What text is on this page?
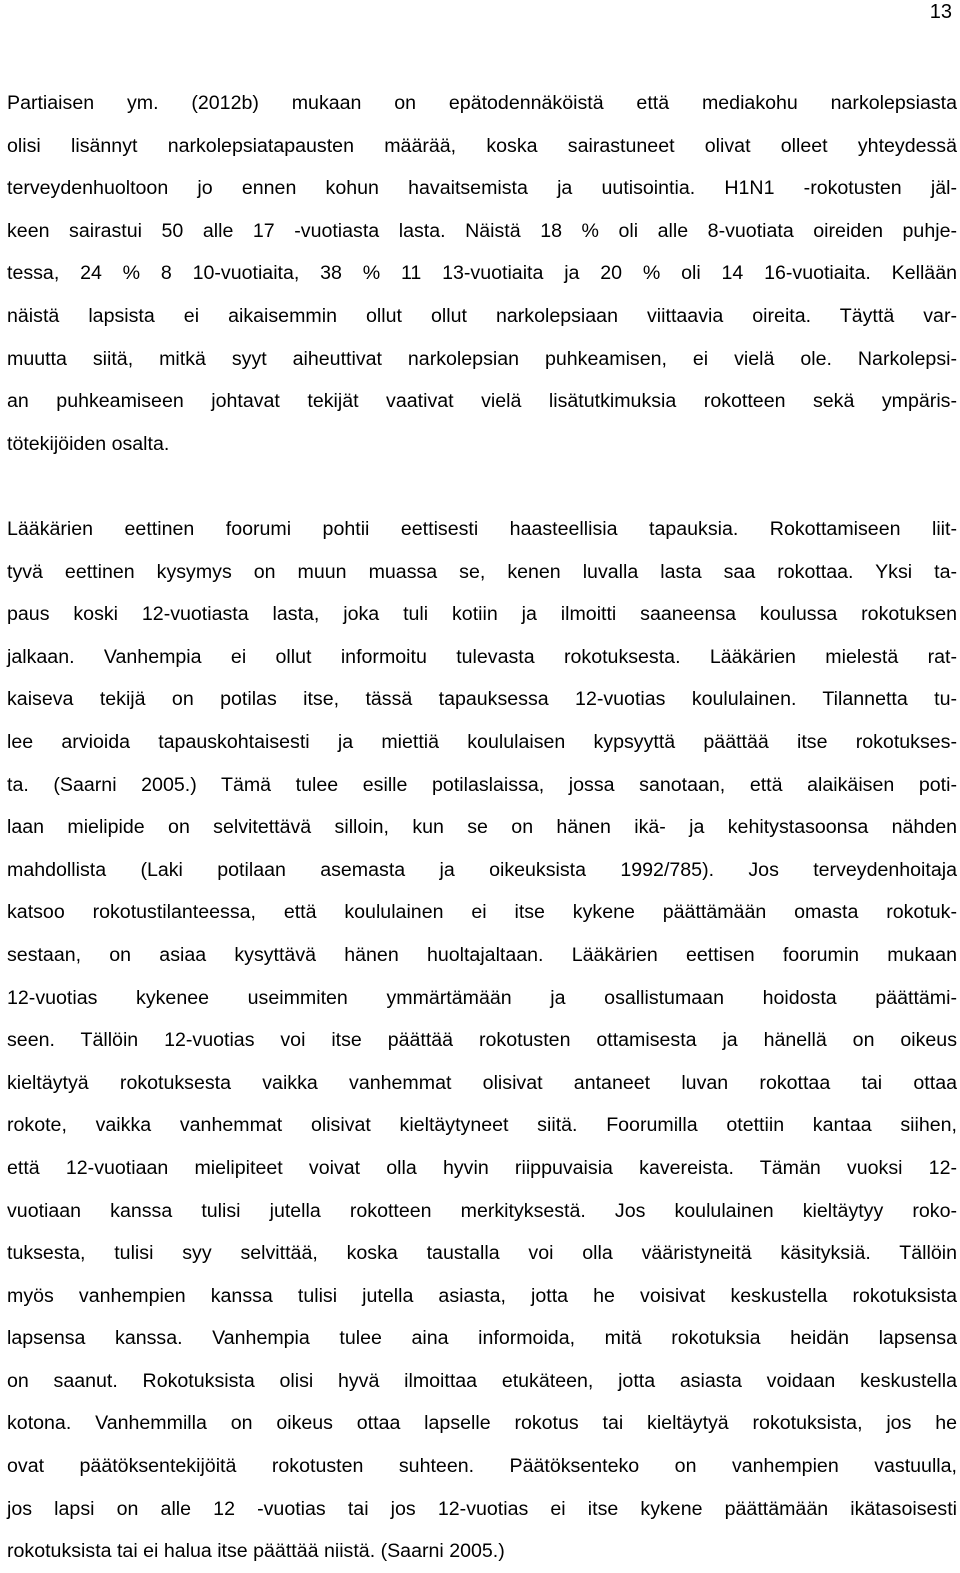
13
Partiaisen ym. (2012b) mukaan on epätodennäköistä että mediakohu narkolepsiasta
olisi lisännyt narkolepsiatapausten määrää, koska sairastuneet olivat olleet yhteydessä
terveydenhuoltoon jo ennen kohun havaitsemista ja uutisointia. H1N1 -rokotusten jäl-
keen sairastui 50 alle 17 -vuotiasta lasta. Näistä 18 % oli alle 8-vuotiata oireiden puhje-
tessa, 24 % 8 10-vuotiaita, 38 % 11 13-vuotiaita ja 20 % oli 14 16-vuotiaita. Kellään
näistä lapsista ei aikaisemmin ollut ollut narkolepsiaan viittaavia oireita. Täyttä var-
muutta siitä, mitkä syyt aiheuttivat narkolepsian puhkeamisen, ei vielä ole. Narkolepsi-
an puhkeamiseen johtavat tekijät vaativat vielä lisätutkimuksia rokotteen sekä ympäris-
tötekijöiden osalta.
Lääkärien eettinen foorumi pohtii eettisesti haasteellisia tapauksia. Rokottamiseen liit-
tyvä eettinen kysymys on muun muassa se, kenen luvalla lasta saa rokottaa. Yksi ta-
paus koski 12-vuotiasta lasta, joka tuli kotiin ja ilmoitti saaneensa koulussa rokotuksen
jalkaan. Vanhempia ei ollut informoitu tulevasta rokotuksesta. Lääkärien mielestä rat-
kaiseva tekijä on potilas itse, tässä tapauksessa 12-vuotias koululainen. Tilannetta tu-
lee arvioida tapauskohtaisesti ja miettiä koululaisen kypsyyttä päättää itse rokotukses-
ta. (Saarni 2005.) Tämä tulee esille potilaslaissa, jossa sanotaan, että alaikäisen poti-
laan mielipide on selvitettävä silloin, kun se on hänen ikä- ja kehitystasoonsa nähden
mahdollista (Laki potilaan asemasta ja oikeuksista 1992/785). Jos terveydenhoitaja
katsoo rokotustilanteessa, että koululainen ei itse kykene päättämään omasta rokotuk-
sestaan, on asiaa kysyttävä hänen huoltajaltaan. Lääkärien eettisen foorumin mukaan
12-vuotias kykenee useimmiten ymmärtämään ja osallistumaan hoidosta päättämi-
seen. Tällöin 12-vuotias voi itse päättää rokotusten ottamisesta ja hänellä on oikeus
kieltäytyä rokotuksesta vaikka vanhemmat olisivat antaneet luvan rokottaa tai ottaa
rokote, vaikka vanhemmat olisivat kieltäytyneet siitä. Foorumilla otettiin kantaa siihen,
että 12-vuotiaan mielipiteet voivat olla hyvin riippuvaisia kavereista. Tämän vuoksi 12-
vuotiaan kanssa tulisi jutella rokotteen merkityksestä. Jos koululainen kieltäytyy roko-
tuksesta, tulisi syy selvittää, koska taustalla voi olla vääristyneitä käsityksiä. Tällöin
myös vanhempien kanssa tulisi jutella asiasta, jotta he voisivat keskustella rokotuksista
lapsensa kanssa. Vanhempia tulee aina informoida, mitä rokotuksia heidän lapsensa
on saanut. Rokotuksista olisi hyvä ilmoittaa etukäteen, jotta asiasta voidaan keskustella
kotona. Vanhemmilla on oikeus ottaa lapselle rokotus tai kieltäytyä rokotuksista, jos he
ovat päätöksentekijöitä rokotusten suhteen. Päätöksenteko on vanhempien vastuulla,
jos lapsi on alle 12 -vuotias tai jos 12-vuotias ei itse kykene päättämään ikätasoisesti
rokotuksista tai ei halua itse päättää niistä. (Saarni 2005.)
